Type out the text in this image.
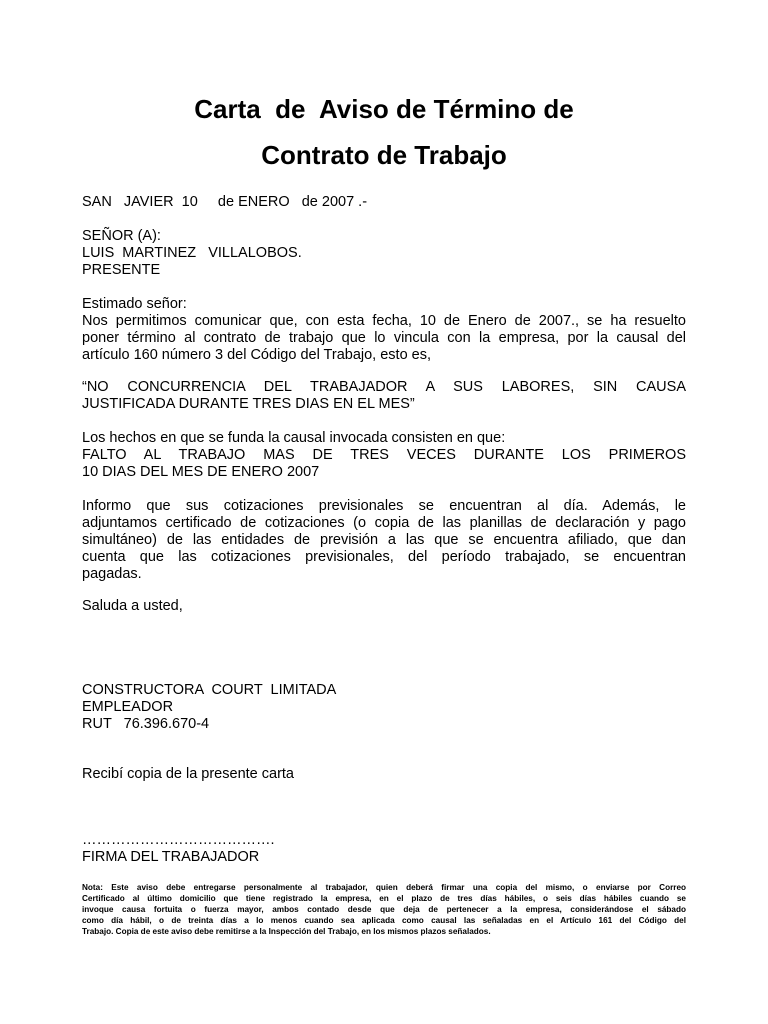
Carta  de  Aviso de Término de
Contrato de Trabajo
SAN   JAVIER  10     de ENERO   de 2007 .-
SEÑOR (A):
LUIS  MARTINEZ   VILLALOBOS.
PRESENTE
Estimado señor:
Nos permitimos comunicar que, con esta fecha, 10 de Enero de 2007., se ha resuelto
poner término al contrato de trabajo que lo vincula con la empresa, por la causal del
artículo 160 número 3 del Código del Trabajo, esto es,
“NO CONCURRENCIA DEL TRABAJADOR A SUS LABORES, SIN CAUSA
JUSTIFICADA DURANTE TRES DIAS EN EL MES”
Los hechos en que se funda la causal invocada consisten en que:
FALTO AL TRABAJO MAS DE TRES VECES DURANTE LOS PRIMEROS
10 DIAS DEL MES DE ENERO 2007
Informo que sus cotizaciones previsionales se encuentran al día. Además, le
adjuntamos certificado de cotizaciones (o copia de las planillas de declaración y pago
simultáneo) de las entidades de previsión a las que se encuentra afiliado, que dan
cuenta que las cotizaciones previsionales, del período trabajado, se encuentran
pagadas.
Saluda a usted,
CONSTRUCTORA  COURT  LIMITADA
EMPLEADOR
RUT   76.396.670-4
Recibí copia de la presente carta
………………………………….
FIRMA DEL TRABAJADOR
Nota: Este aviso debe entregarse personalmente al trabajador, quien deberá firmar una copia del mismo, o enviarse por Correo
Certificado al último domicilio que tiene registrado la empresa, en el plazo de tres días hábiles, o seis días hábiles cuando se
invoque causa fortuita o fuerza mayor, ambos contado desde que deja de pertenecer a la empresa, considerándose el sábado
como día hábil, o de treinta días a lo menos cuando sea aplicada como causal las señaladas en el Artículo 161 del Código del
Trabajo. Copia de este aviso debe remitirse a la Inspección del Trabajo, en los mismos plazos señalados.
